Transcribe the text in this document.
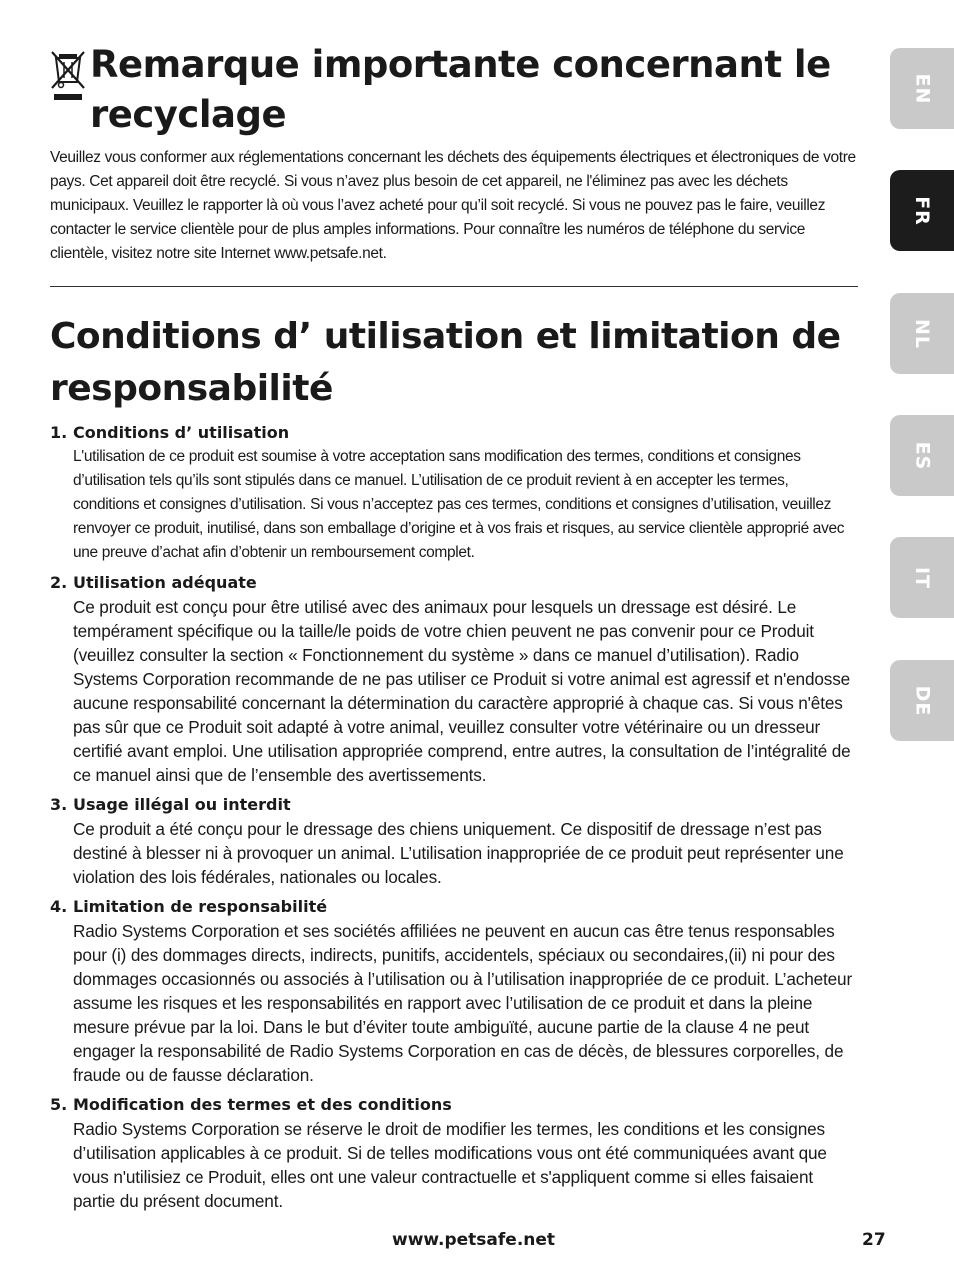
Remarque importante concernant le recyclage

Veuillez vous conformer aux réglementations concernant les déchets des équipements électriques et électroniques de votre pays. Cet appareil doit être recyclé. Si vous n’avez plus besoin de cet appareil, ne l'éliminez pas avec les déchets municipaux. Veuillez le rapporter là où vous l’avez acheté pour qu’il soit recyclé. Si vous ne pouvez pas le faire, veuillez contacter le service clientèle pour de plus amples informations. Pour connaître les numéros de téléphone du service clientèle, visitez notre site Internet www.petsafe.net.

Conditions d’ utilisation et limitation de responsabilité
1. Conditions d’ utilisation

L'utilisation de ce produit est soumise à votre acceptation sans modification des termes, conditions et consignes d’utilisation tels qu’ils sont stipulés dans ce manuel. L’utilisation de ce produit revient à en accepter les termes, conditions et consignes d’utilisation. Si vous n’acceptez pas ces termes, conditions et consignes d’utilisation, veuillez renvoyer ce produit, inutilisé, dans son emballage d’origine et à vos frais et risques, au service clientèle approprié avec une preuve d’achat afin d’obtenir un remboursement complet.

2. Utilisation adéquate

Ce produit est conçu pour être utilisé avec des animaux pour lesquels un dressage est désiré. Le tempérament spécifique ou la taille/le poids de votre chien peuvent ne pas convenir pour ce Produit (veuillez consulter la section « Fonctionnement du système » dans ce manuel d’utilisation). Radio Systems Corporation recommande de ne pas utiliser ce Produit si votre animal est agressif et n'endosse aucune responsabilité concernant la détermination du caractère approprié à chaque cas. Si vous n'êtes pas sûr que ce Produit soit adapté à votre animal, veuillez consulter votre vétérinaire ou un dresseur certifié avant emploi. Une utilisation appropriée comprend, entre autres, la consultation de l’intégralité de ce manuel ainsi que de l’ensemble des avertissements.

3. Usage illégal ou interdit

Ce produit a été conçu pour le dressage des chiens uniquement. Ce dispositif de dressage n’est pas destiné à blesser ni à provoquer un animal. L’utilisation inappropriée de ce produit peut représenter une violation des lois fédérales, nationales ou locales.

4. Limitation de responsabilité

Radio Systems Corporation et ses sociétés affiliées ne peuvent en aucun cas être tenus responsables pour (i) des dommages directs, indirects, punitifs, accidentels, spéciaux ou secondaires,(ii) ni pour des dommages occasionnés ou associés à l’utilisation ou à l’utilisation inappropriée de ce produit. L’acheteur assume les risques et les responsabilités en rapport avec l’utilisation de ce produit et dans la pleine mesure prévue par la loi. Dans le but d’éviter toute ambiguïté, aucune partie de la clause 4 ne peut engager la responsabilité de Radio Systems Corporation en cas de décès, de blessures corporelles, de fraude ou de fausse déclaration.

5. Modification des termes et des conditions

Radio Systems Corporation se réserve le droit de modifier les termes, les conditions et les consignes d’utilisation applicables à ce produit. Si de telles modifications vous ont été communiquées avant que vous n'utilisiez ce Produit, elles ont une valeur contractuelle et s'appliquent comme si elles faisaient partie du présent document.

www.petsafe.net	27
EN
FR
NL
ES
IT
DE
